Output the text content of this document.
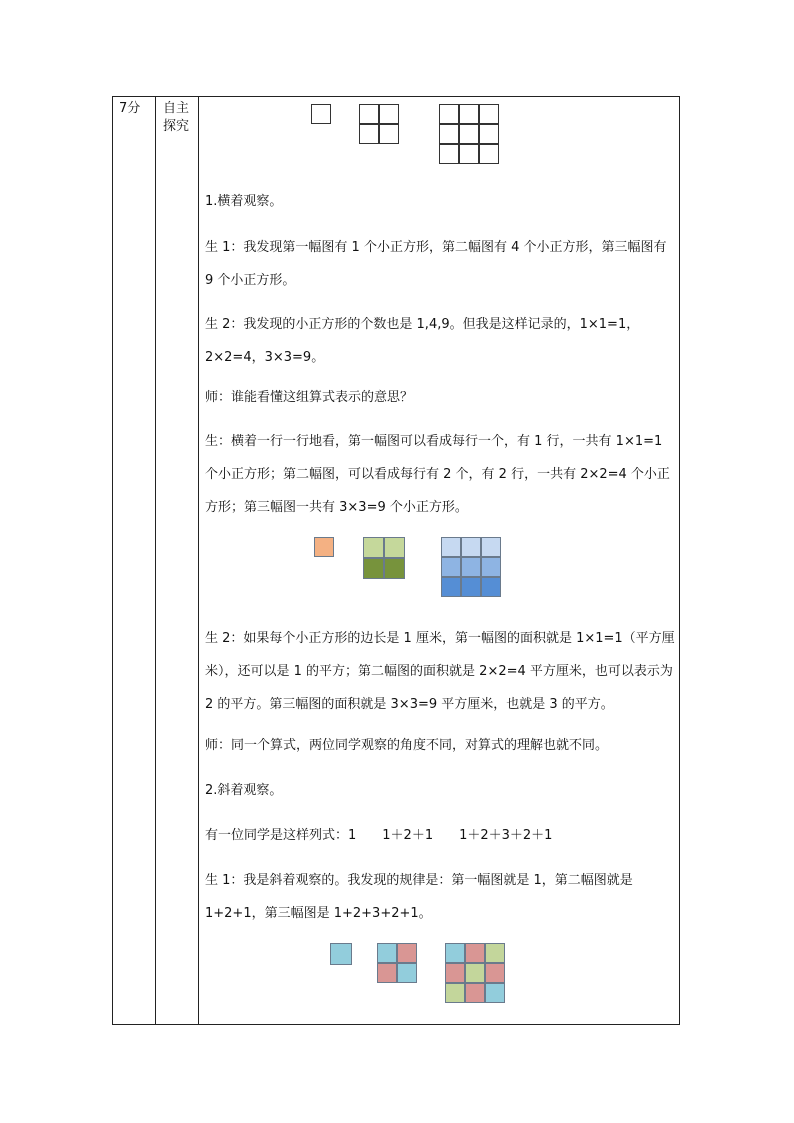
7分 自主探究
1.横着观察。
生 1：我发现第一幅图有 1 个小正方形，第二幅图有 4 个小正方形，第三幅图有 9 个小正方形。
生 2：我发现的小正方形的个数也是 1,4,9。但我是这样记录的，1×1=1，2×2=4，3×3=9。
师：谁能看懂这组算式表示的意思？
生：横着一行一行地看，第一幅图可以看成每行一个，有 1 行，一共有 1×1=1 个小正方形；第二幅图，可以看成每行有 2 个，有 2 行，一共有 2×2=4 个小正方形；第三幅图一共有 3×3=9 个小正方形。
生 2：如果每个小正方形的边长是 1 厘米，第一幅图的面积就是 1×1=1（平方厘米），还可以是 1 的平方；第二幅图的面积就是 2×2=4 平方厘米，也可以表示为 2 的平方。第三幅图的面积就是 3×3=9 平方厘米，也就是 3 的平方。
师：同一个算式，两位同学观察的角度不同，对算式的理解也就不同。
2.斜着观察。
有一位同学是这样列式：1　　1＋2＋1　　1＋2＋3＋2＋1
生 1：我是斜着观察的。我发现的规律是：第一幅图就是 1，第二幅图就是 1+2+1，第三幅图是 1+2+3+2+1。
